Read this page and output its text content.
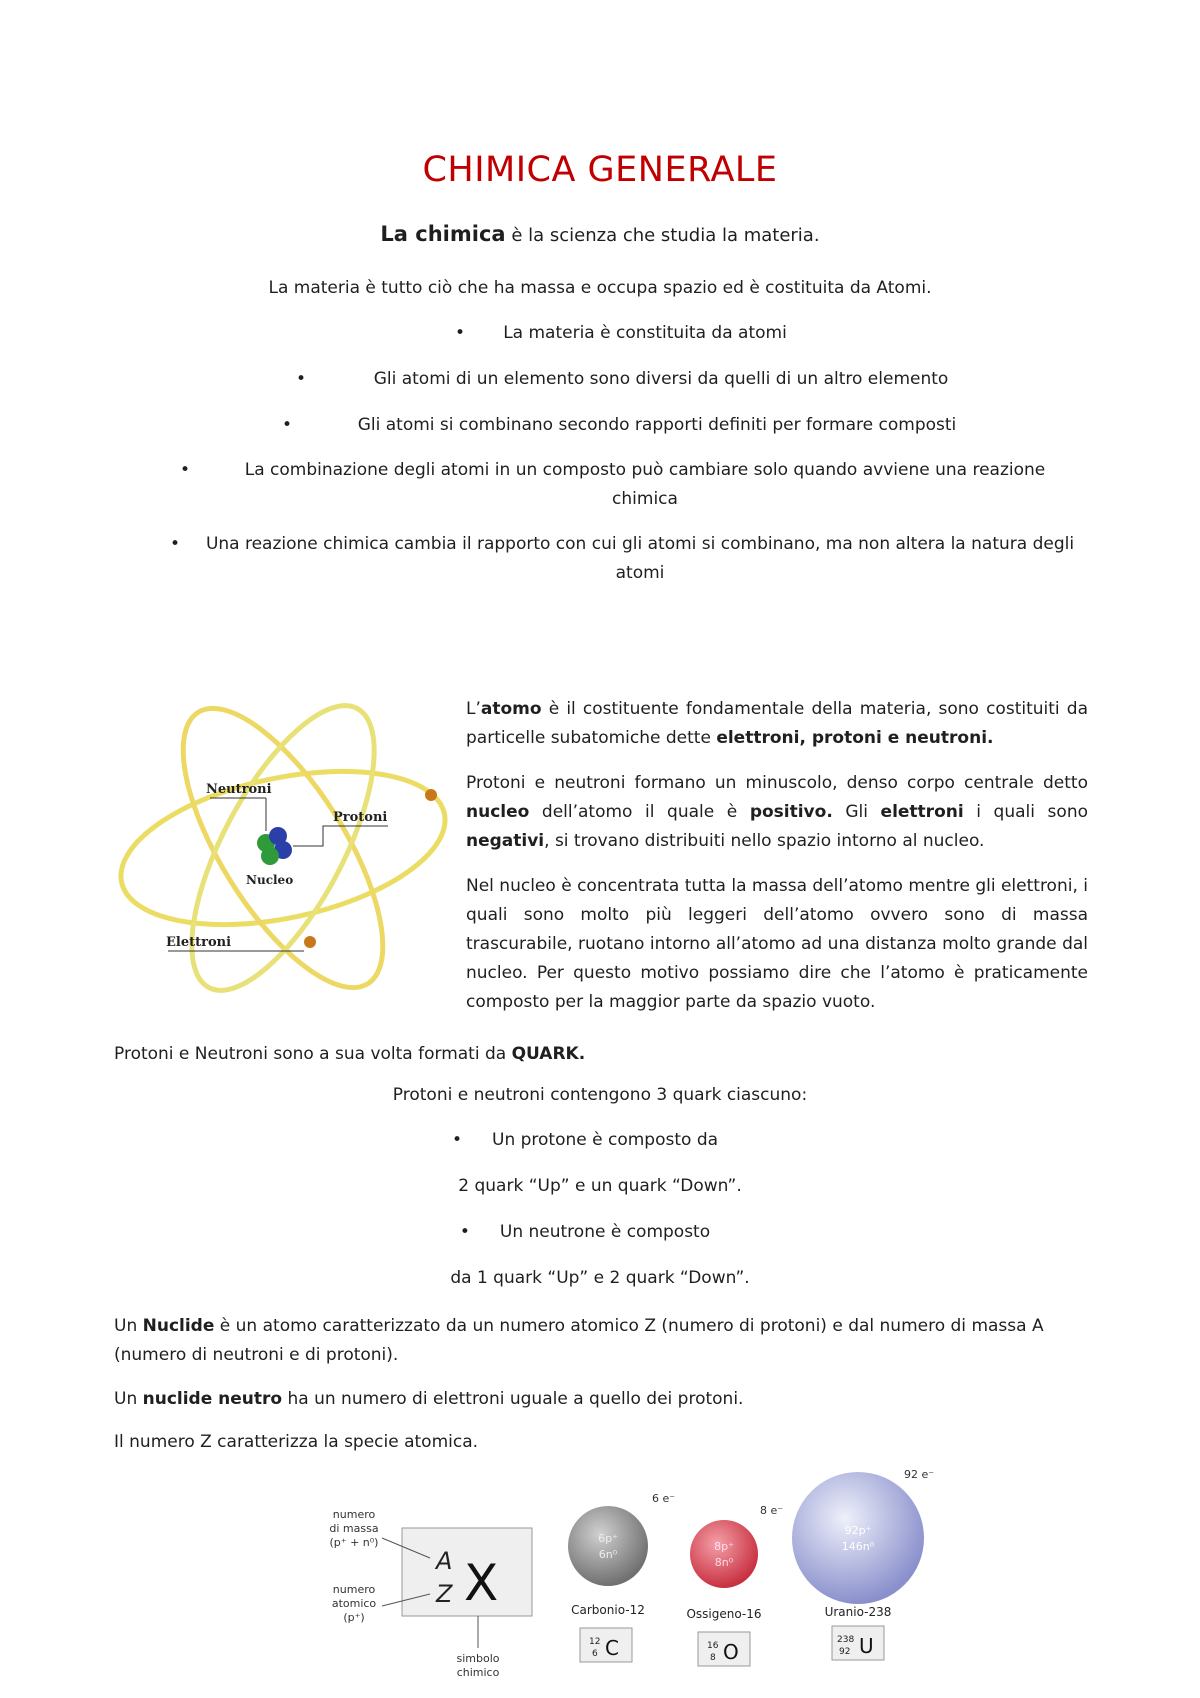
CHIMICA GENERALE
La chimica è la scienza che studia la materia.
La materia è tutto ciò che ha massa e occupa spazio ed è costituita da Atomi.
•	La materia è constituita da atomi
•	Gli atomi di un elemento sono diversi da quelli di un altro elemento
•	Gli atomi si combinano secondo rapporti definiti per formare composti
•	La combinazione degli atomi in un composto può cambiare solo quando avviene una reazione chimica
•	Una reazione chimica cambia il rapporto con cui gli atomi si combinano, ma non altera la natura degli atomi
Neutroni
Protoni
Nucleo
Elettroni

L’atomo è il costituente fondamentale della materia, sono costituiti da particelle subatomiche dette elettroni, protoni e neutroni.

Protoni e neutroni formano un minuscolo, denso corpo centrale detto nucleo dell’atomo il quale è positivo. Gli elettroni i quali sono negativi, si trovano distribuiti nello spazio intorno al nucleo.

Nel nucleo è concentrata tutta la massa dell’atomo mentre gli elettroni, i quali sono molto più leggeri dell’atomo ovvero sono di massa trascurabile, ruotano intorno all’atomo ad una distanza molto grande dal nucleo. Per questo motivo possiamo dire che l’atomo è praticamente composto per la maggior parte da spazio vuoto.

Protoni e Neutroni sono a sua volta formati da QUARK.
Protoni e neutroni contengono 3 quark ciascuno:
• Un protone è composto da
2 quark “Up” e un quark “Down”.
• Un neutrone è composto
da 1 quark “Up” e 2 quark “Down”.
Un Nuclide è un atomo caratterizzato da un numero atomico Z (numero di protoni) e dal numero di massa A (numero di neutroni e di protoni).
Un nuclide neutro ha un numero di elettroni uguale a quello dei protoni.
Il numero Z caratterizza la specie atomica.
A
Z X
numero
di massa
(p⁺ + n⁰)
numero
atomico
(p⁺)
simbolo
chimico
6p⁺
6n⁰
6 e⁻
Carbonio-12
12
6 C
8p⁺
8n⁰
8 e⁻
Ossigeno-16
16
8 O
92p⁺
146n⁰
92 e⁻
Uranio-238
238
92 U
